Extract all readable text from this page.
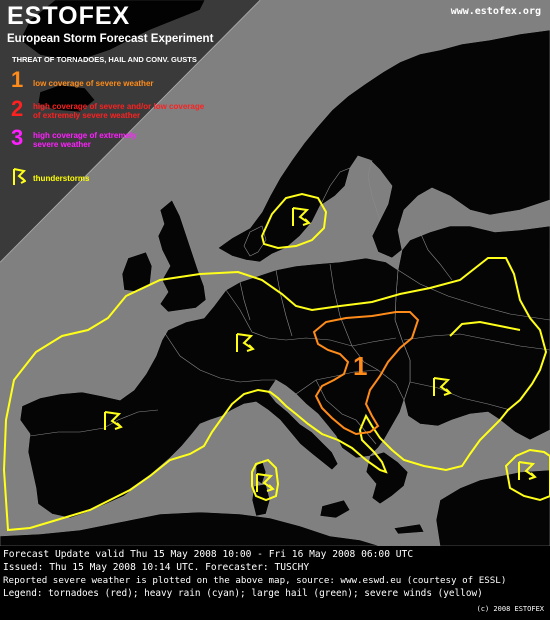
1
ESTOFEX
European Storm Forecast Experiment
www.estofex.org
THREAT OF TORNADOES, HAIL AND CONV. GUSTS
1 low coverage of severe weather
2 high coverage of severe and/or low coverage of extremely severe weather
3 high coverage of extremely severe weather
thunderstorms
Forecast Update valid Thu 15 May 2008 10:00 - Fri 16 May 2008 06:00 UTC
Issued: Thu 15 May 2008 10:14 UTC. Forecaster: TUSCHY
Reported severe weather is plotted on the above map, source: www.eswd.eu (courtesy of ESSL)
Legend: tornadoes (red); heavy rain (cyan); large hail (green); severe winds (yellow)
(c) 2008 ESTOFEX
